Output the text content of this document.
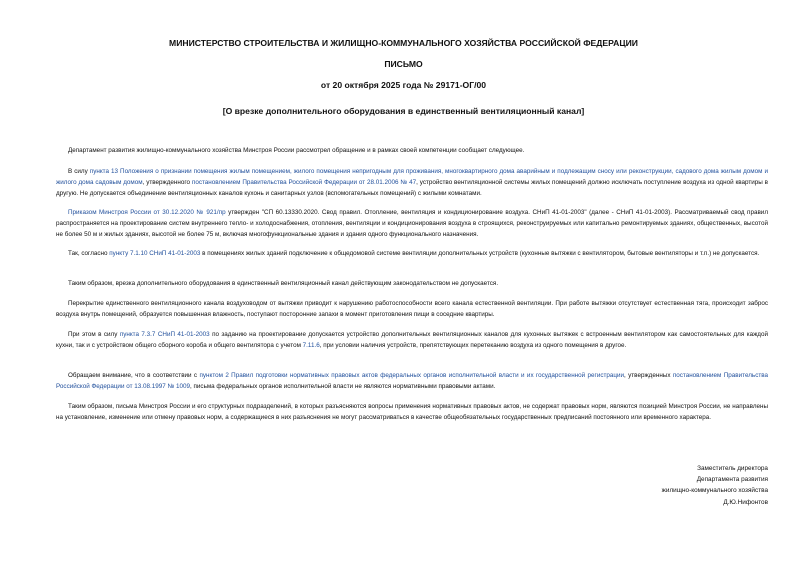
МИНИСТЕРСТВО СТРОИТЕЛЬСТВА И ЖИЛИЩНО-КОММУНАЛЬНОГО ХОЗЯЙСТВА РОССИЙСКОЙ ФЕДЕРАЦИИ
ПИСЬМО
от 20 октября 2025 года № 29171-ОГ/00
[О врезке дополнительного оборудования в единственный вентиляционный канал]

Департамент развития жилищно-коммунального хозяйства Минстроя России рассмотрел обращение и в рамках своей компетенции сообщает следующее.

В силу пункта 13 Положения о признании помещения жилым помещением, жилого помещения непригодным для проживания, многоквартирного дома аварийным и подлежащим сносу или реконструкции, садового дома жилым домом и жилого дома садовым домом, утвержденного постановлением Правительства Российской Федерации от 28.01.2006 № 47, устройство вентиляционной системы жилых помещений должно исключать поступление воздуха из одной квартиры в другую. Не допускается объединение вентиляционных каналов кухонь и санитарных узлов (вспомогательных помещений) с жилыми комнатами.

Приказом Минстроя России от 30.12.2020 № 921/пр утвержден "СП 60.13330.2020. Свод правил. Отопление, вентиляция и кондиционирование воздуха. СНиП 41-01-2003" (далее - СНиП 41-01-2003). Рассматриваемый свод правил распространяется на проектирование систем внутреннего тепло- и холодоснабжения, отопления, вентиляции и кондиционирования воздуха в строящихся, реконструируемых или капитально ремонтируемых зданиях, общественных, высотой не более 50 м и жилых зданиях, высотой не более 75 м, включая многофункциональные здания и здания одного функционального назначения.

Так, согласно пункту 7.1.10 СНиП 41-01-2003 в помещениях жилых зданий подключение к общедомовой системе вентиляции дополнительных устройств (кухонные вытяжки с вентилятором, бытовые вентиляторы и т.п.) не допускается.

Таким образом, врезка дополнительного оборудования в единственный вентиляционный канал действующим законодательством не допускается.

Перекрытие единственного вентиляционного канала воздуховодом от вытяжки приводит к нарушению работоспособности всего канала естественной вентиляции. При работе вытяжки отсутствует естественная тяга, происходит заброс воздуха внутрь помещений, образуется повышенная влажность, поступают посторонние запахи в момент приготовления пищи в соседние квартиры.

При этом в силу пункта 7.3.7 СНиП 41-01-2003 по заданию на проектирование допускается устройство дополнительных вентиляционных каналов для кухонных вытяжек с встроенным вентилятором как самостоятельных для каждой кухни, так и с устройством общего сборного короба и общего вентилятора с учетом 7.11.6, при условии наличия устройств, препятствующих перетеканию воздуха из одного помещения в другое.

Обращаем внимание, что в соответствии с пунктом 2 Правил подготовки нормативных правовых актов федеральных органов исполнительной власти и их государственной регистрации, утвержденных постановлением Правительства Российской Федерации от 13.08.1997 № 1009, письма федеральных органов исполнительной власти не являются нормативными правовыми актами.

Таким образом, письма Минстроя России и его структурных подразделений, в которых разъясняются вопросы применения нормативных правовых актов, не содержат правовых норм, являются позицией Минстроя России, не направлены на установление, изменение или отмену правовых норм, а содержащиеся в них разъяснения не могут рассматриваться в качестве общеобязательных государственных предписаний постоянного или временного характера.

Заместитель директора
Департамента развития
жилищно-коммунального хозяйства
Д.Ю.Нифонтов
